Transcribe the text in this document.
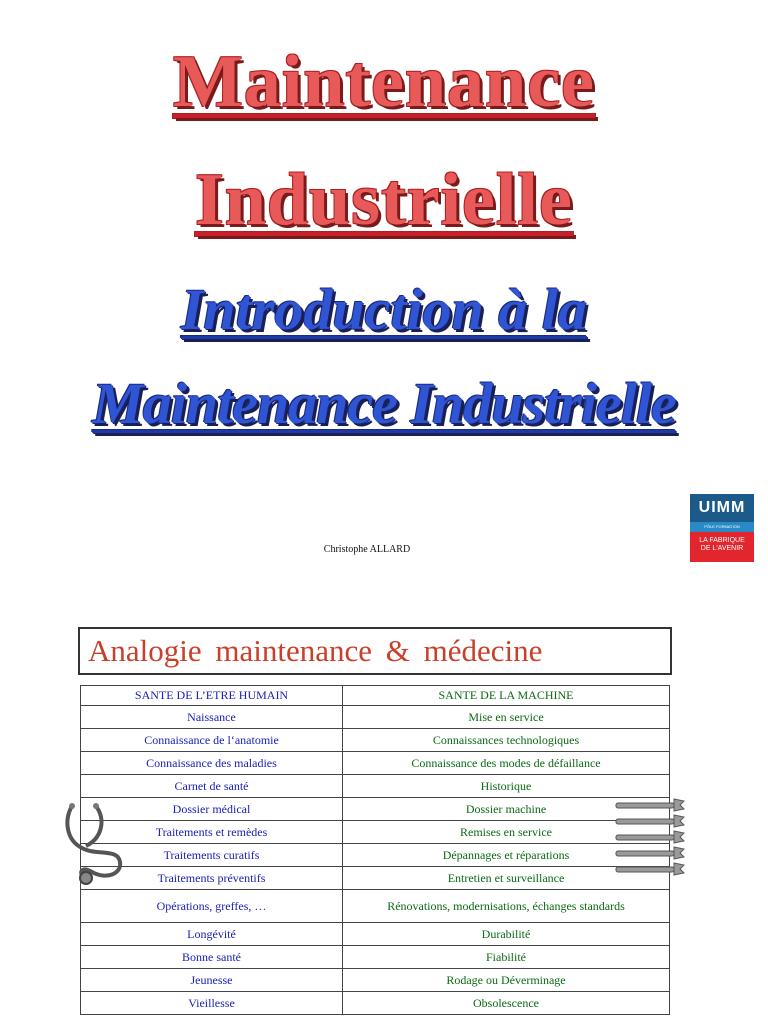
Maintenance
Industrielle
Introduction à la
Maintenance Industrielle
Christophe ALLARD
UIMM
PÔLE FORMATION
LA FABRIQUE
DE L'AVENIR
Analogie maintenance & médecine
SANTE DE L’ETRE HUMAIN	SANTE DE LA MACHINE
Naissance	Mise en service
Connaissance de l‘anatomie	Connaissances technologiques
Connaissance des maladies	Connaissance des modes de défaillance
Carnet de santé	Historique
Dossier médical	Dossier machine
Traitements et remèdes	Remises en service
Traitements curatifs	Dépannages et réparations
Traitements préventifs	Entretien et surveillance
Opérations, greffes, …	Rénovations, modernisations, échanges standards
Longévité	Durabilité
Bonne santé	Fiabilité
Jeunesse	Rodage ou Déverminage
Vieillesse	Obsolescence
